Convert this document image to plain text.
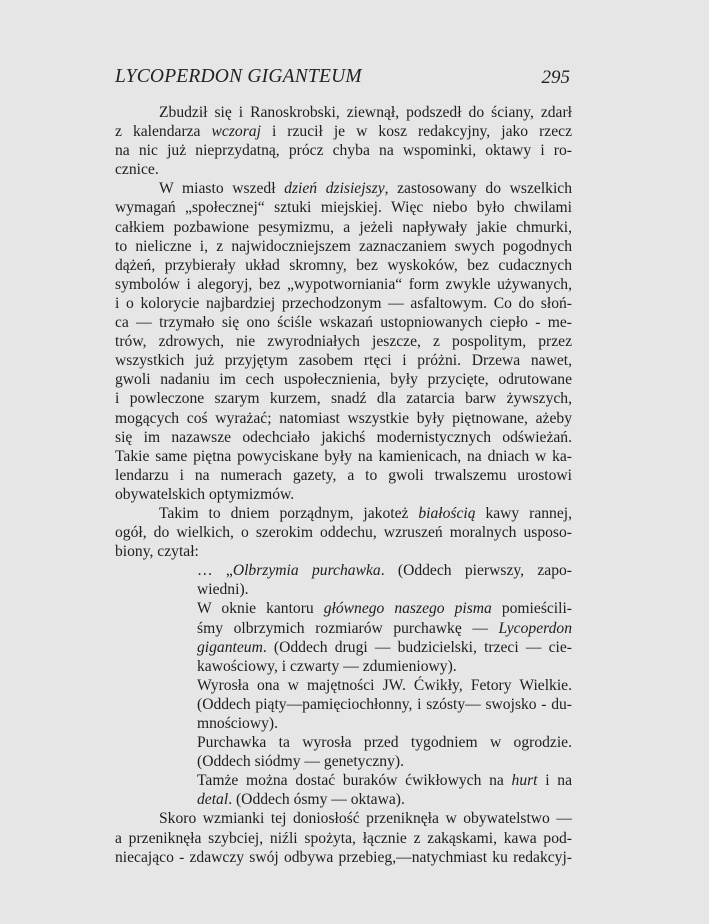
LYCOPERDON GIGANTEUM	295
Zbudził się i Ranoskrobski, ziewnął, podszedł do ściany, zdarł
z kalendarza wczoraj i rzucił je w kosz redakcyjny, jako rzecz
na nic już nieprzydatną, prócz chyba na wspominki, oktawy i ro-
cznice.
W miasto wszedł dzień dzisiejszy, zastosowany do wszelkich
wymagań „społecznej“ sztuki miejskiej. Więc niebo było chwilami
całkiem pozbawione pesymizmu, a jeżeli napływały jakie chmurki,
to nieliczne i, z najwidoczniejszem zaznaczaniem swych pogodnych
dążeń, przybierały układ skromny, bez wyskoków, bez cudacznych
symbolów i alegoryj, bez „wypotworniania“ form zwykle używanych,
i o kolorycie najbardziej przechodzonym — asfaltowym. Co do słoń-
ca — trzymało się ono ściśle wskazań ustopniowanych ciepło - me-
trów, zdrowych, nie zwyrodniałych jeszcze, z pospolitym, przez
wszystkich już przyjętym zasobem rtęci i próżni. Drzewa nawet,
gwoli nadaniu im cech uspołecznienia, były przycięte, odrutowane
i powleczone szarym kurzem, snadź dla zatarcia barw żywszych,
mogących coś wyrażać; natomiast wszystkie były piętnowane, ażeby
się im nazawsze odechciało jakichś modernistycznych odświeżań.
Takie same piętna powyciskane były na kamienicach, na dniach w ka-
lendarzu i na numerach gazety, a to gwoli trwalszemu urostowi
obywatelskich optymizmów.
Takim to dniem porządnym, jakoteż białością kawy rannej,
ogół, do wielkich, o szerokim oddechu, wzruszeń moralnych usposo-
biony, czytał:
… „Olbrzymia purchawka. (Oddech pierwszy, zapo-
wiedni).
W oknie kantoru głównego naszego pisma pomieścili-
śmy olbrzymich rozmiarów purchawkę — Lycoperdon
giganteum. (Oddech drugi — budzicielski, trzeci — cie-
kawościowy, i czwarty — zdumieniowy).
Wyrosła ona w majętności JW. Ćwikły, Fetory Wielkie.
(Oddech piąty—pamięciochłonny, i szósty— swojsko - du-
mnościowy).
Purchawka ta wyrosła przed tygodniem w ogrodzie.
(Oddech siódmy — genetyczny).
Tamże można dostać buraków ćwikłowych na hurt i na
detal. (Oddech ósmy — oktawa).
Skoro wzmianki tej doniosłość przeniknęła w obywatelstwo —
a przeniknęła szybciej, niźli spożyta, łącznie z zakąskami, kawa pod-
niecająco - zdawczy swój odbywa przebieg,—natychmiast ku redakcyj-
